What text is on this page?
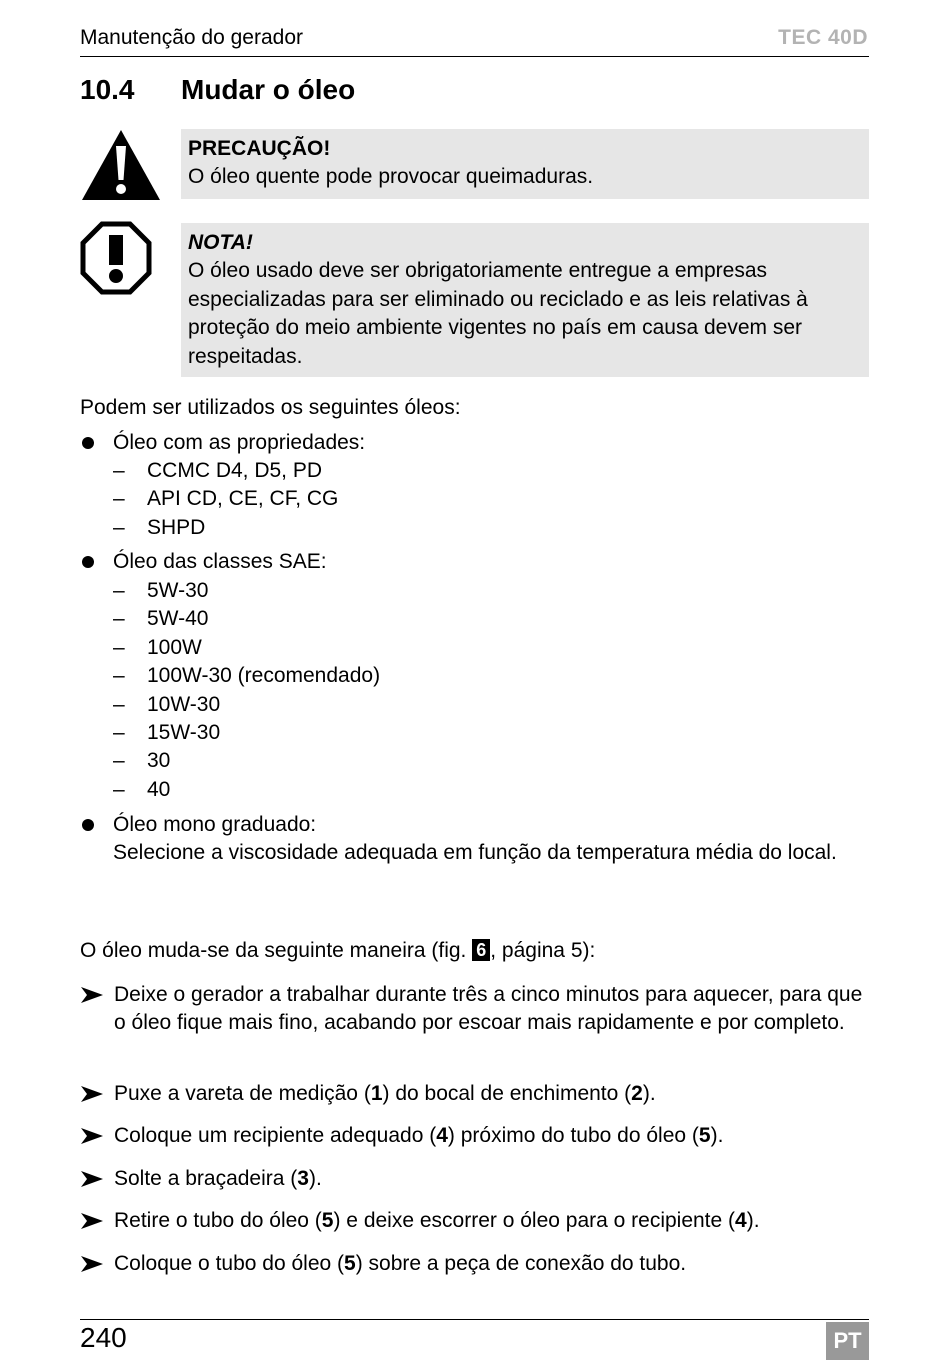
Manutenção do gerador	TEC 40D
10.4 Mudar o óleo
PRECAUÇÃO!
O óleo quente pode provocar queimaduras.
NOTA!
O óleo usado deve ser obrigatoriamente entregue a empresas especializadas para ser eliminado ou reciclado e as leis relativas à proteção do meio ambiente vigentes no país em causa devem ser respeitadas.
Podem ser utilizados os seguintes óleos:
Óleo com as propriedades:
– CCMC D4, D5, PD
– API CD, CE, CF, CG
– SHPD
Óleo das classes SAE:
– 5W-30
– 5W-40
– 100W
– 100W-30 (recomendado)
– 10W-30
– 15W-30
– 30
– 40
Óleo mono graduado:
Selecione a viscosidade adequada em função da temperatura média do local.
O óleo muda-se da seguinte maneira (fig. 6 , página 5):
Deixe o gerador a trabalhar durante três a cinco minutos para aquecer, para que o óleo fique mais fino, acabando por escoar mais rapidamente e por completo.
Puxe a vareta de medição (1) do bocal de enchimento (2).
Coloque um recipiente adequado (4) próximo do tubo do óleo (5).
Solte a braçadeira (3).
Retire o tubo do óleo (5) e deixe escorrer o óleo para o recipiente (4).
Coloque o tubo do óleo (5) sobre a peça de conexão do tubo.
240	PT
